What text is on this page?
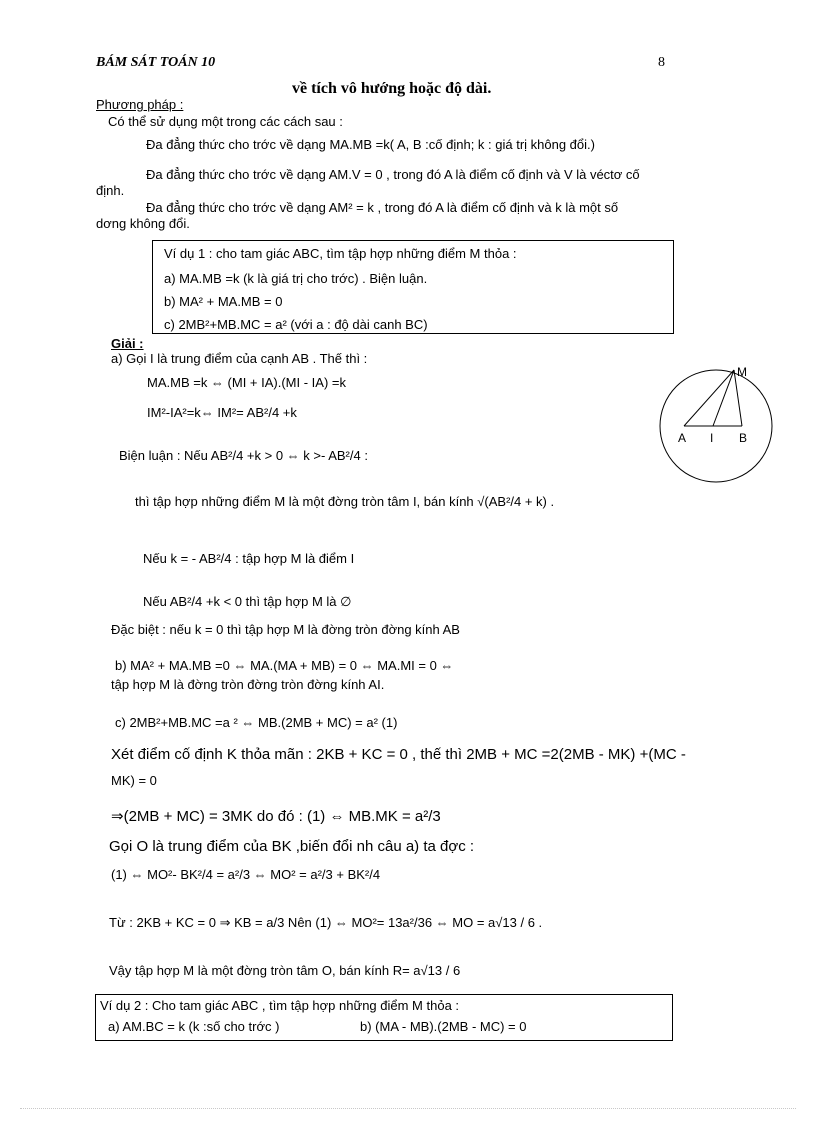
BÁM SÁT TOÁN 10	8
về tích vô hướng hoặc độ dài.
Phương pháp :
Có thể sử dụng một trong các cách sau :
Đa đẳng thức cho trớc về dạng MA.MB =k( A, B :cố định; k : giá trị không đổi.)
Đa đẳng thức cho trớc về dạng AM.V = 0 , trong đó A là điểm cố định và V là véctơ cố
định.
Đa đẳng thức cho trớc về dạng AM² = k , trong đó A là điểm cố định và k là một số
dơng không đổi.
Ví dụ 1 : cho tam giác ABC, tìm tập hợp những điểm M thỏa :
a) MA.MB =k (k là giá trị cho trớc) . Biện luận.
b) MA² + MA.MB = 0
c) 2MB²+MB.MC = a² (với a : độ dài canh BC)
Giải :
a) Gọi I là trung điểm của cạnh AB . Thế thì :
MA.MB =k ⇔ (MI + IA).(MI - IA) =k
IM²-IA²=k⇔ IM²= AB²/4 +k
Biện luận : Nếu AB²/4 +k > 0 ⇔ k >- AB²/4 :
thì tập hợp những điểm M là một đờng tròn tâm I, bán kính √(AB²/4 + k) .
Nếu k = - AB²/4 : tập hợp M là điểm I
Nếu AB²/4 +k < 0 thì tập hợp M là ∅
Đặc biệt : nếu k = 0 thì tập hợp M là đờng tròn đờng kính AB
b) MA² + MA.MB =0 ⇔ MA.(MA + MB) = 0 ⇔ MA.MI = 0 ⇔
tập hợp M là đờng tròn đờng tròn đờng kính AI.
c) 2MB²+MB.MC =a ² ⇔ MB.(2MB + MC) = a² (1)
Xét điểm cố định K thỏa mãn : 2KB + KC = 0 , thế thì 2MB + MC =2(2MB - MK) +(MC -
MK) = 0
⇒(2MB + MC) = 3MK do đó : (1) ⇔ MB.MK = a²/3
Gọi O là trung điểm của BK ,biến đổi nh câu a) ta đợc :
(1) ⇔ MO²- BK²/4 = a²/3 ⇔ MO² = a²/3 + BK²/4
Từ : 2KB + KC = 0 ⇒ KB = a/3 Nên (1) ⇔ MO²= 13a²/36 ⇔ MO = a√13 / 6 .
Vậy tập hợp M là một đờng tròn tâm O, bán kính R= a√13 / 6
M
A I B
Ví dụ 2 : Cho tam giác ABC , tìm tập hợp những điểm M thỏa :
a) AM.BC = k (k :số cho trớc )	b) (MA - MB).(2MB - MC) = 0
